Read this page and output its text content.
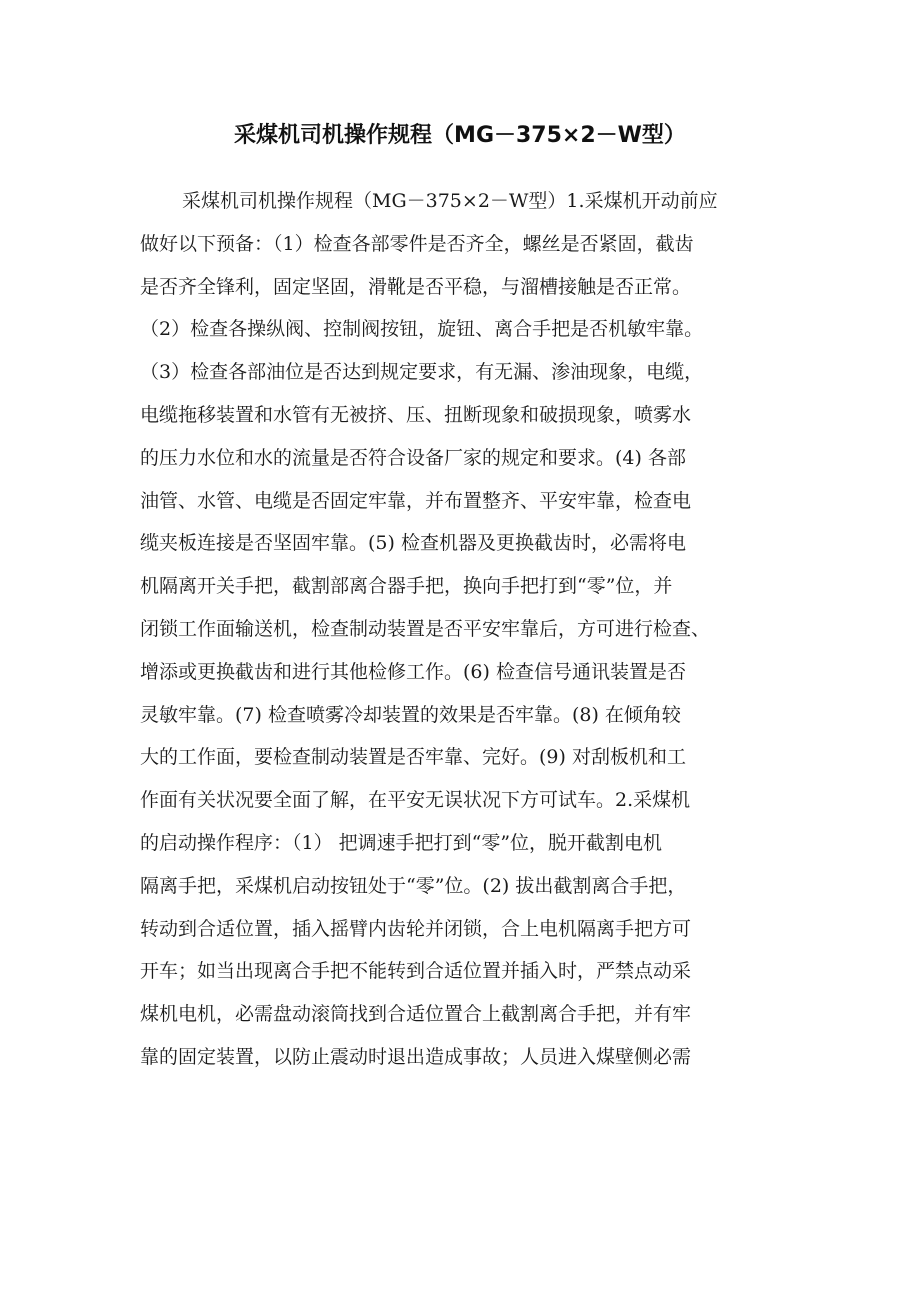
采煤机司机操作规程（MG－375×2－W型）
采煤机司机操作规程（MG－375×2－W型）1.采煤机开动前应
做好以下预备：（1）检查各部零件是否齐全，螺丝是否紧固，截齿
是否齐全锋利，固定坚固，滑靴是否平稳，与溜槽接触是否正常。
（2）检查各操纵阀、控制阀按钮，旋钮、离合手把是否机敏牢靠。
（3）检查各部油位是否达到规定要求，有无漏、渗油现象，电缆，
电缆拖移装置和水管有无被挤、压、扭断现象和破损现象，喷雾水
的压力水位和水的流量是否符合设备厂家的规定和要求。(4) 各部
油管、水管、电缆是否固定牢靠，并布置整齐、平安牢靠，检查电
缆夹板连接是否坚固牢靠。(5) 检查机器及更换截齿时，必需将电
机隔离开关手把，截割部离合器手把，换向手把打到“零”位，并
闭锁工作面输送机，检查制动装置是否平安牢靠后，方可进行检查、
增添或更换截齿和进行其他检修工作。(6) 检查信号通讯装置是否
灵敏牢靠。(7) 检查喷雾冷却装置的效果是否牢靠。(8) 在倾角较
大的工作面，要检查制动装置是否牢靠、完好。(9) 对刮板机和工
作面有关状况要全面了解，在平安无误状况下方可试车。2.采煤机
的启动操作程序：（1） 把调速手把打到“零”位，脱开截割电机
隔离手把，采煤机启动按钮处于“零”位。(2) 拔出截割离合手把，
转动到合适位置，插入摇臂内齿轮并闭锁，合上电机隔离手把方可
开车；如当出现离合手把不能转到合适位置并插入时，严禁点动采
煤机电机，必需盘动滚筒找到合适位置合上截割离合手把，并有牢
靠的固定装置，以防止震动时退出造成事故；人员进入煤壁侧必需
